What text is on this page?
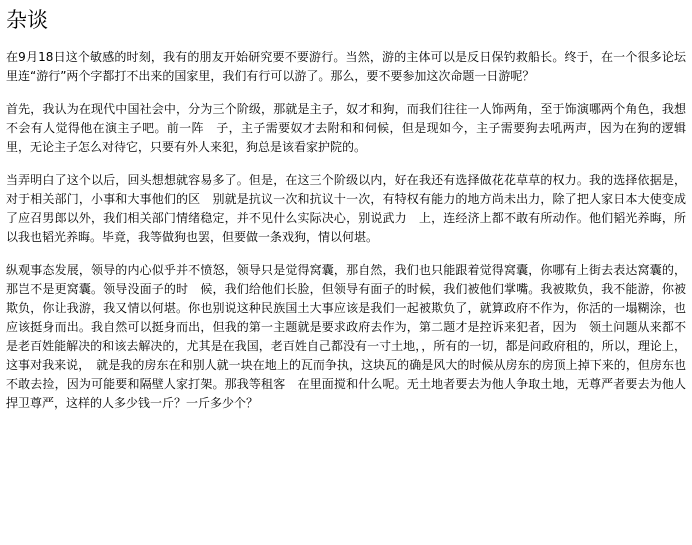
杂谈

在9月18日这个敏感的时刻，我有的朋友开始研究要不要游行。当然，游的主体可以是反日保钓救船长。终于，在一个很多论坛里连“游行”两个字都打不出来的国家里，我们有行可以游了。那么，要不要参加这次命题一日游呢？

首先，我认为在现代中国社会中，分为三个阶级，那就是主子，奴才和狗，而我们往往一人饰两角，至于饰演哪两个角色，我想不会有人觉得他在演主子吧。前一阵　子，主子需要奴才去附和和伺候，但是现如今，主子需要狗去吼两声，因为在狗的逻辑里，无论主子怎么对待它，只要有外人来犯，狗总是该看家护院的。

当弄明白了这个以后，回头想想就容易多了。但是，在这三个阶级以内，好在我还有选择做花花草草的权力。我的选择依据是，对于相关部门，小事和大事他们的区　别就是抗议一次和抗议十一次，有特权有能力的地方尚未出力，除了把人家日本大使变成了应召男郎以外，我们相关部门情绪稳定，并不见什么实际决心，别说武力　上，连经济上都不敢有所动作。他们韬光养晦，所以我也韬光养晦。毕竟，我等做狗也罢，但要做一条戏狗，情以何堪。

纵观事态发展，领导的内心似乎并不愤怒，领导只是觉得窝囊，那自然，我们也只能跟着觉得窝囊，你哪有上街去表达窝囊的，那岂不是更窝囊。领导没面子的时　候，我们给他们长脸，但领导有面子的时候，我们被他们掌嘴。我被欺负，我不能游，你被欺负，你让我游，我又情以何堪。你也别说这种民族国土大事应该是我们一起被欺负了，就算政府不作为，你活的一塌糊涂，也应该挺身而出。我自然可以挺身而出，但我的第一主题就是要求政府去作为，第二题才是控诉来犯者，因为　领土问题从来都不是老百姓能解决的和该去解决的，尤其是在我国，老百姓自己都没有一寸土地，，所有的一切，都是问政府租的，所以，理论上，这事对我来说，　就是我的房东在和别人就一块在地上的瓦而争执，这块瓦的确是风大的时候从房东的房顶上掉下来的，但房东也不敢去捡，因为可能要和隔壁人家打架。那我等租客　在里面搅和什么呢。无土地者要去为他人争取土地，无尊严者要去为他人捍卫尊严，这样的人多少钱一斤？一斤多少个？
